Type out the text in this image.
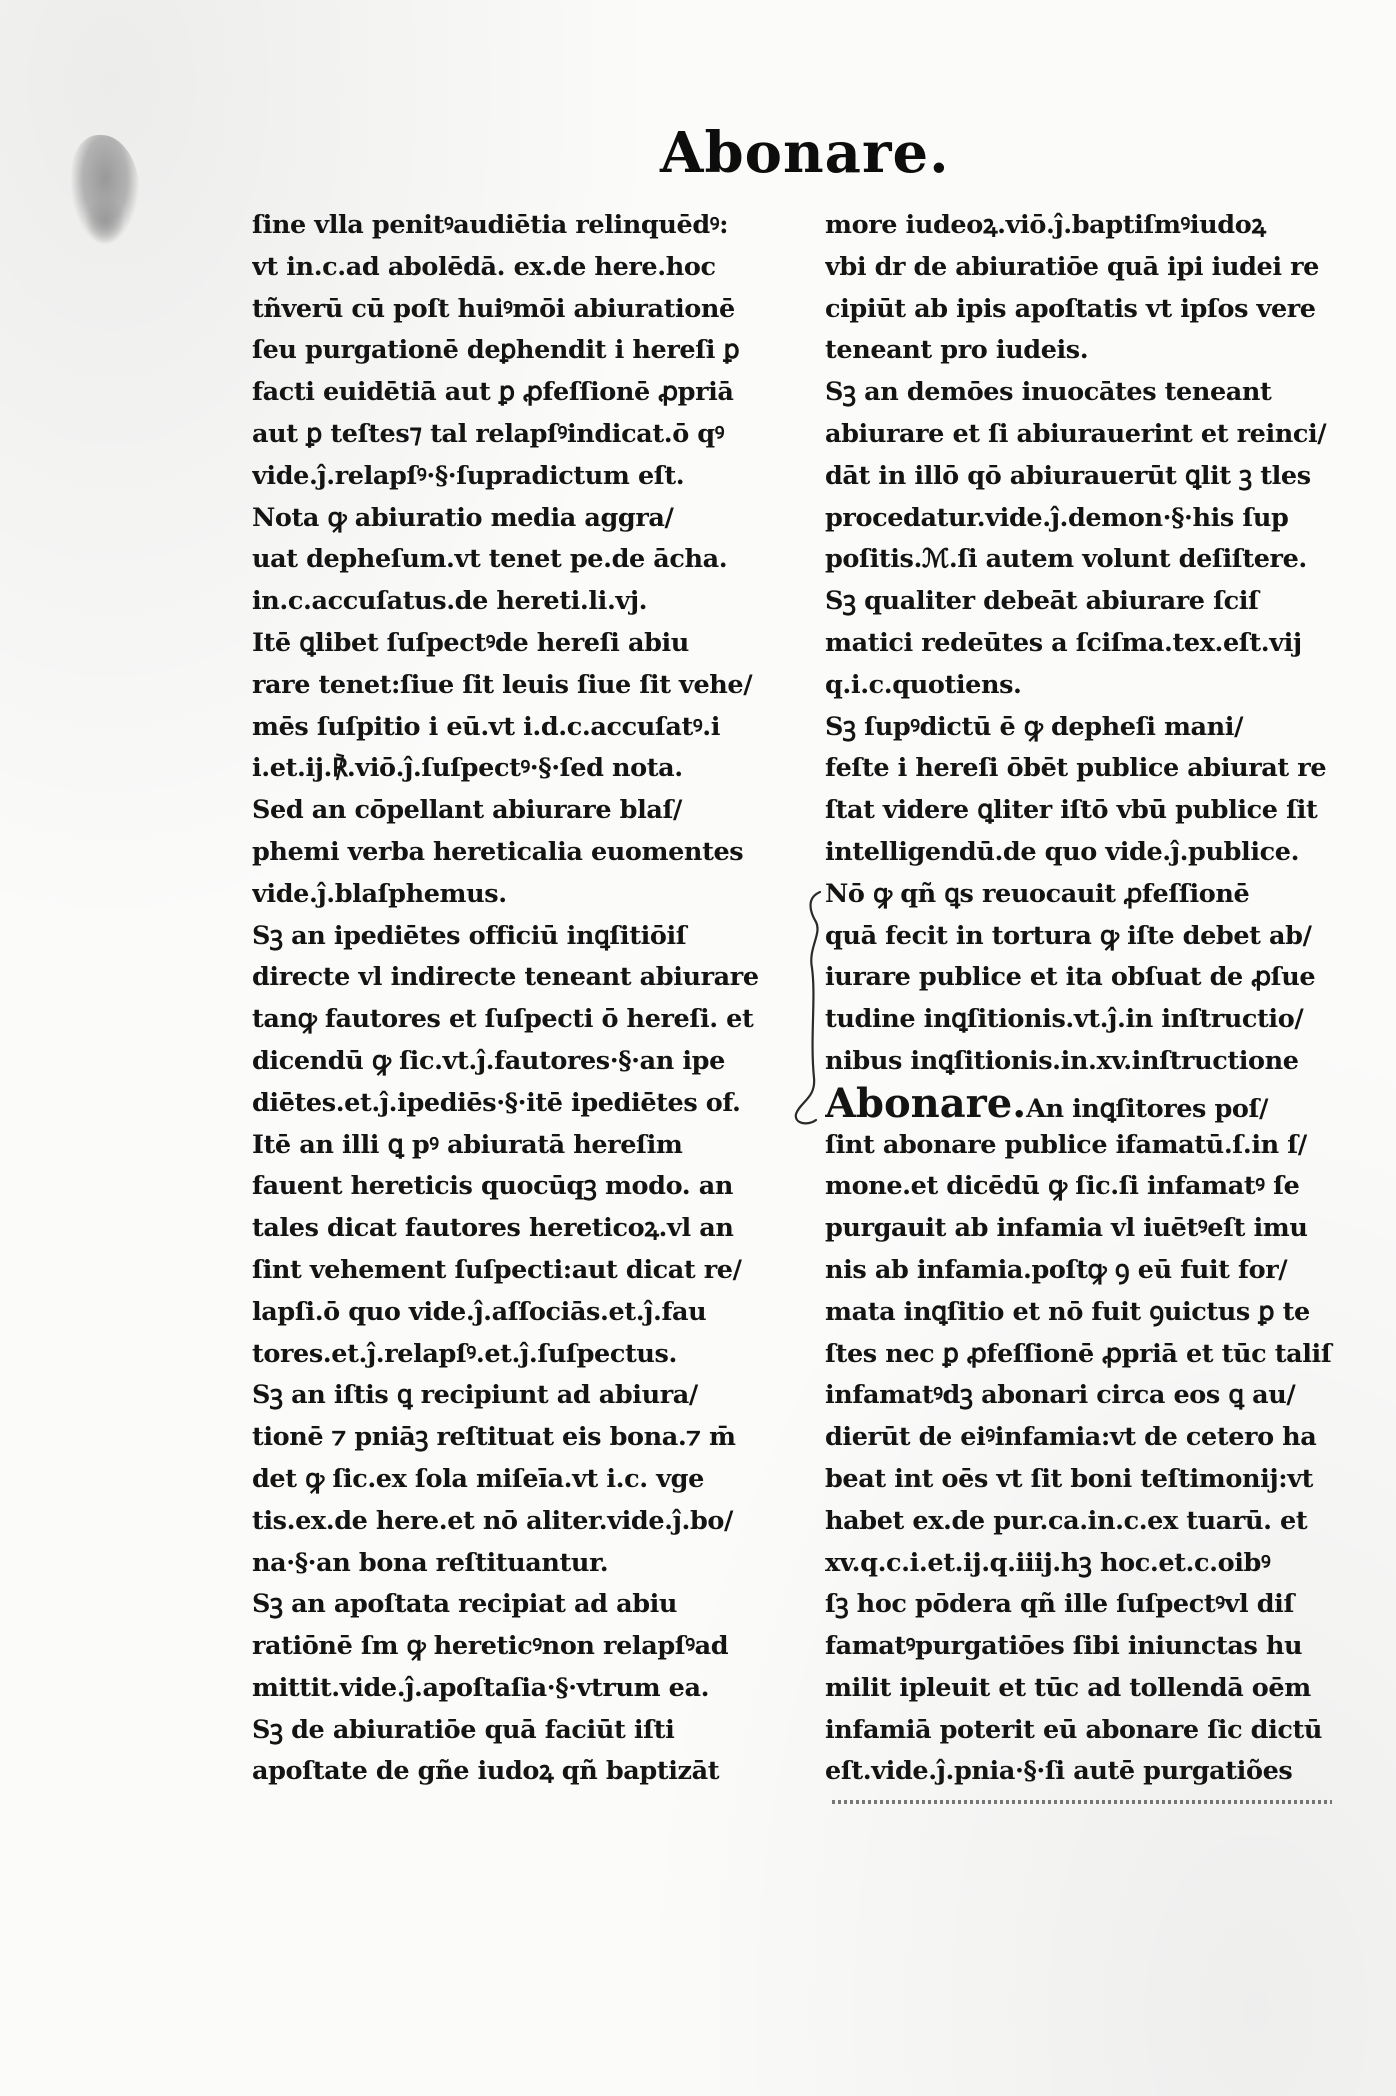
Abonare.
ſine vlla penitꝰaudiētia relinquēdꝰ:
vt in.c.ad abolēdā. ex.de here.hoc
tñverū cū poſt huiꝰmōi abiurationē
ſeu purgationē deꝑhendit i hereſi ꝑ
facti euidētiā aut ꝑ ꝓfeſſionē ꝓpriā
aut ꝑ teſtes⁊ tal relapſꝰindicat.ō qꝰ
vide.ĵ.relapſꝰ·§·ſupradictum eſt.
Nota ꝙ abiuratio media aggra/
uat depheſum.vt tenet pe.de ācha.
in.c.accuſatus.de hereti.li.vj.
Itē ꝗlibet ſuſpectꝰde hereſi abiu
rare tenet:ſiue ſit leuis ſiue ſit vehe/
mēs ſuſpitio i eū.vt i.d.c.accuſatꝰ.i
i.et.ij.℟.viō.ĵ.ſuſpectꝰ·§·ſed nota.
Sed an cōpellant abiurare blaſ/
phemi verba hereticalia euomentes
vide.ĵ.blaſphemus.
Sꝫ an ipediētes officiū inꝗſitiōiſ
directe vl indirecte teneant abiurare
tanꝙ fautores et ſuſpecti ō hereſi. et
dicendū ꝙ ſic.vt.ĵ.fautores·§·an ipe
diētes.et.ĵ.ipediēs·§·itē ipediētes of.
Itē an illi ꝗ pꝰ abiuratā hereſim
fauent hereticis quocūqꝫ modo. an
tales dicat fautores hereticoꝝ.vl an
ſint vehement ſuſpecti:aut dicat re/
lapſi.ō quo vide.ĵ.aſſociās.et.ĵ.fau
tores.et.ĵ.relapſꝰ.et.ĵ.ſuſpectus.
Sꝫ an iſtis ꝗ recipiunt ad abiura/
tionē ⁊ pniāꝫ reſtituat eis bona.⁊ m̄
det ꝙ ſic.ex ſola miſeīa.vt i.c. vge
tis.ex.de here.et nō aliter.vide.ĵ.bo/
na·§·an bona reſtituantur.
Sꝫ an apoſtata recipiat ad abiu
ratiōnē ſm ꝙ hereticꝰnon relapſꝰad
mittit.vide.ĵ.apoſtaſia·§·vtrum ea.
Sꝫ de abiuratiōe quā faciūt iſti
apoſtate de gñe iudoꝝ qñ baptizāt
more iudeoꝝ.viō.ĵ.baptiſmꝰiudoꝝ
vbi dr de abiuratiōe quā ipi iudei re
cipiūt ab ipis apoſtatis vt ipſos vere
teneant pro iudeis.
Sꝫ an demōes inuocātes teneant
abiurare et ſi abiurauerint et reinci/
dāt in illō qō abiurauerūt ꝗlit ꝫ tles
procedatur.vide.ĵ.demon·§·his ſup
poſitis.ℳ.ſi autem volunt deſiſtere.
Sꝫ qualiter debeāt abiurare ſciſ
matici redeūtes a ſciſma.tex.eſt.vij
q.i.c.quotiens.
Sꝫ ſupꝰdictū ē ꝙ depheſi mani/
feſte i hereſi ōbēt publice abiurat re
ſtat videre ꝗliter iſtō vbū publice ſit
intelligendū.de quo vide.ĵ.publice.
Nō ꝙ qñ ꝗs reuocauit ꝓfeſſionē
quā fecit in tortura ꝙ iſte debet ab/
iurare publice et ita obſuat de ꝓſue
tudine inꝗſitionis.vt.ĵ.in inſtructio/
nibus inꝗſitionis.in.xv.inſtructione
Abonare.An inꝗſitores poſ/
ſint abonare publice ifamatū.ſ.in ſ/
mone.et dicēdū ꝙ ſic.ſi infamatꝰ ſe
purgauit ab infamia vl iuētꝰeſt imu
nis ab infamia.poſtꝙ ꝯ eū fuit for/
mata inꝗſitio et nō fuit ꝯuictus ꝑ te
ſtes nec ꝑ ꝓfeſſionē ꝓpriā et tūc taliſ
infamatꝰdꝫ abonari circa eos ꝗ au/
dierūt de eiꝰinfamia:vt de cetero ha
beat int oēs vt ſit boni teſtimonij:vt
habet ex.de pur.ca.in.c.ex tuarū. et
xv.q.c.i.et.ij.q.iiij.hꝫ hoc.et.c.oibꝰ
ſꝫ hoc pōdera qñ ille ſuſpectꝰvl diſ
famatꝰpurgatiōes ſibi iniunctas hu
milit ipleuit et tūc ad tollendā oēm
infamiā poterit eū abonare ſic dictū
eſt.vide.ĵ.pnia·§·ſi autē purgatiões
